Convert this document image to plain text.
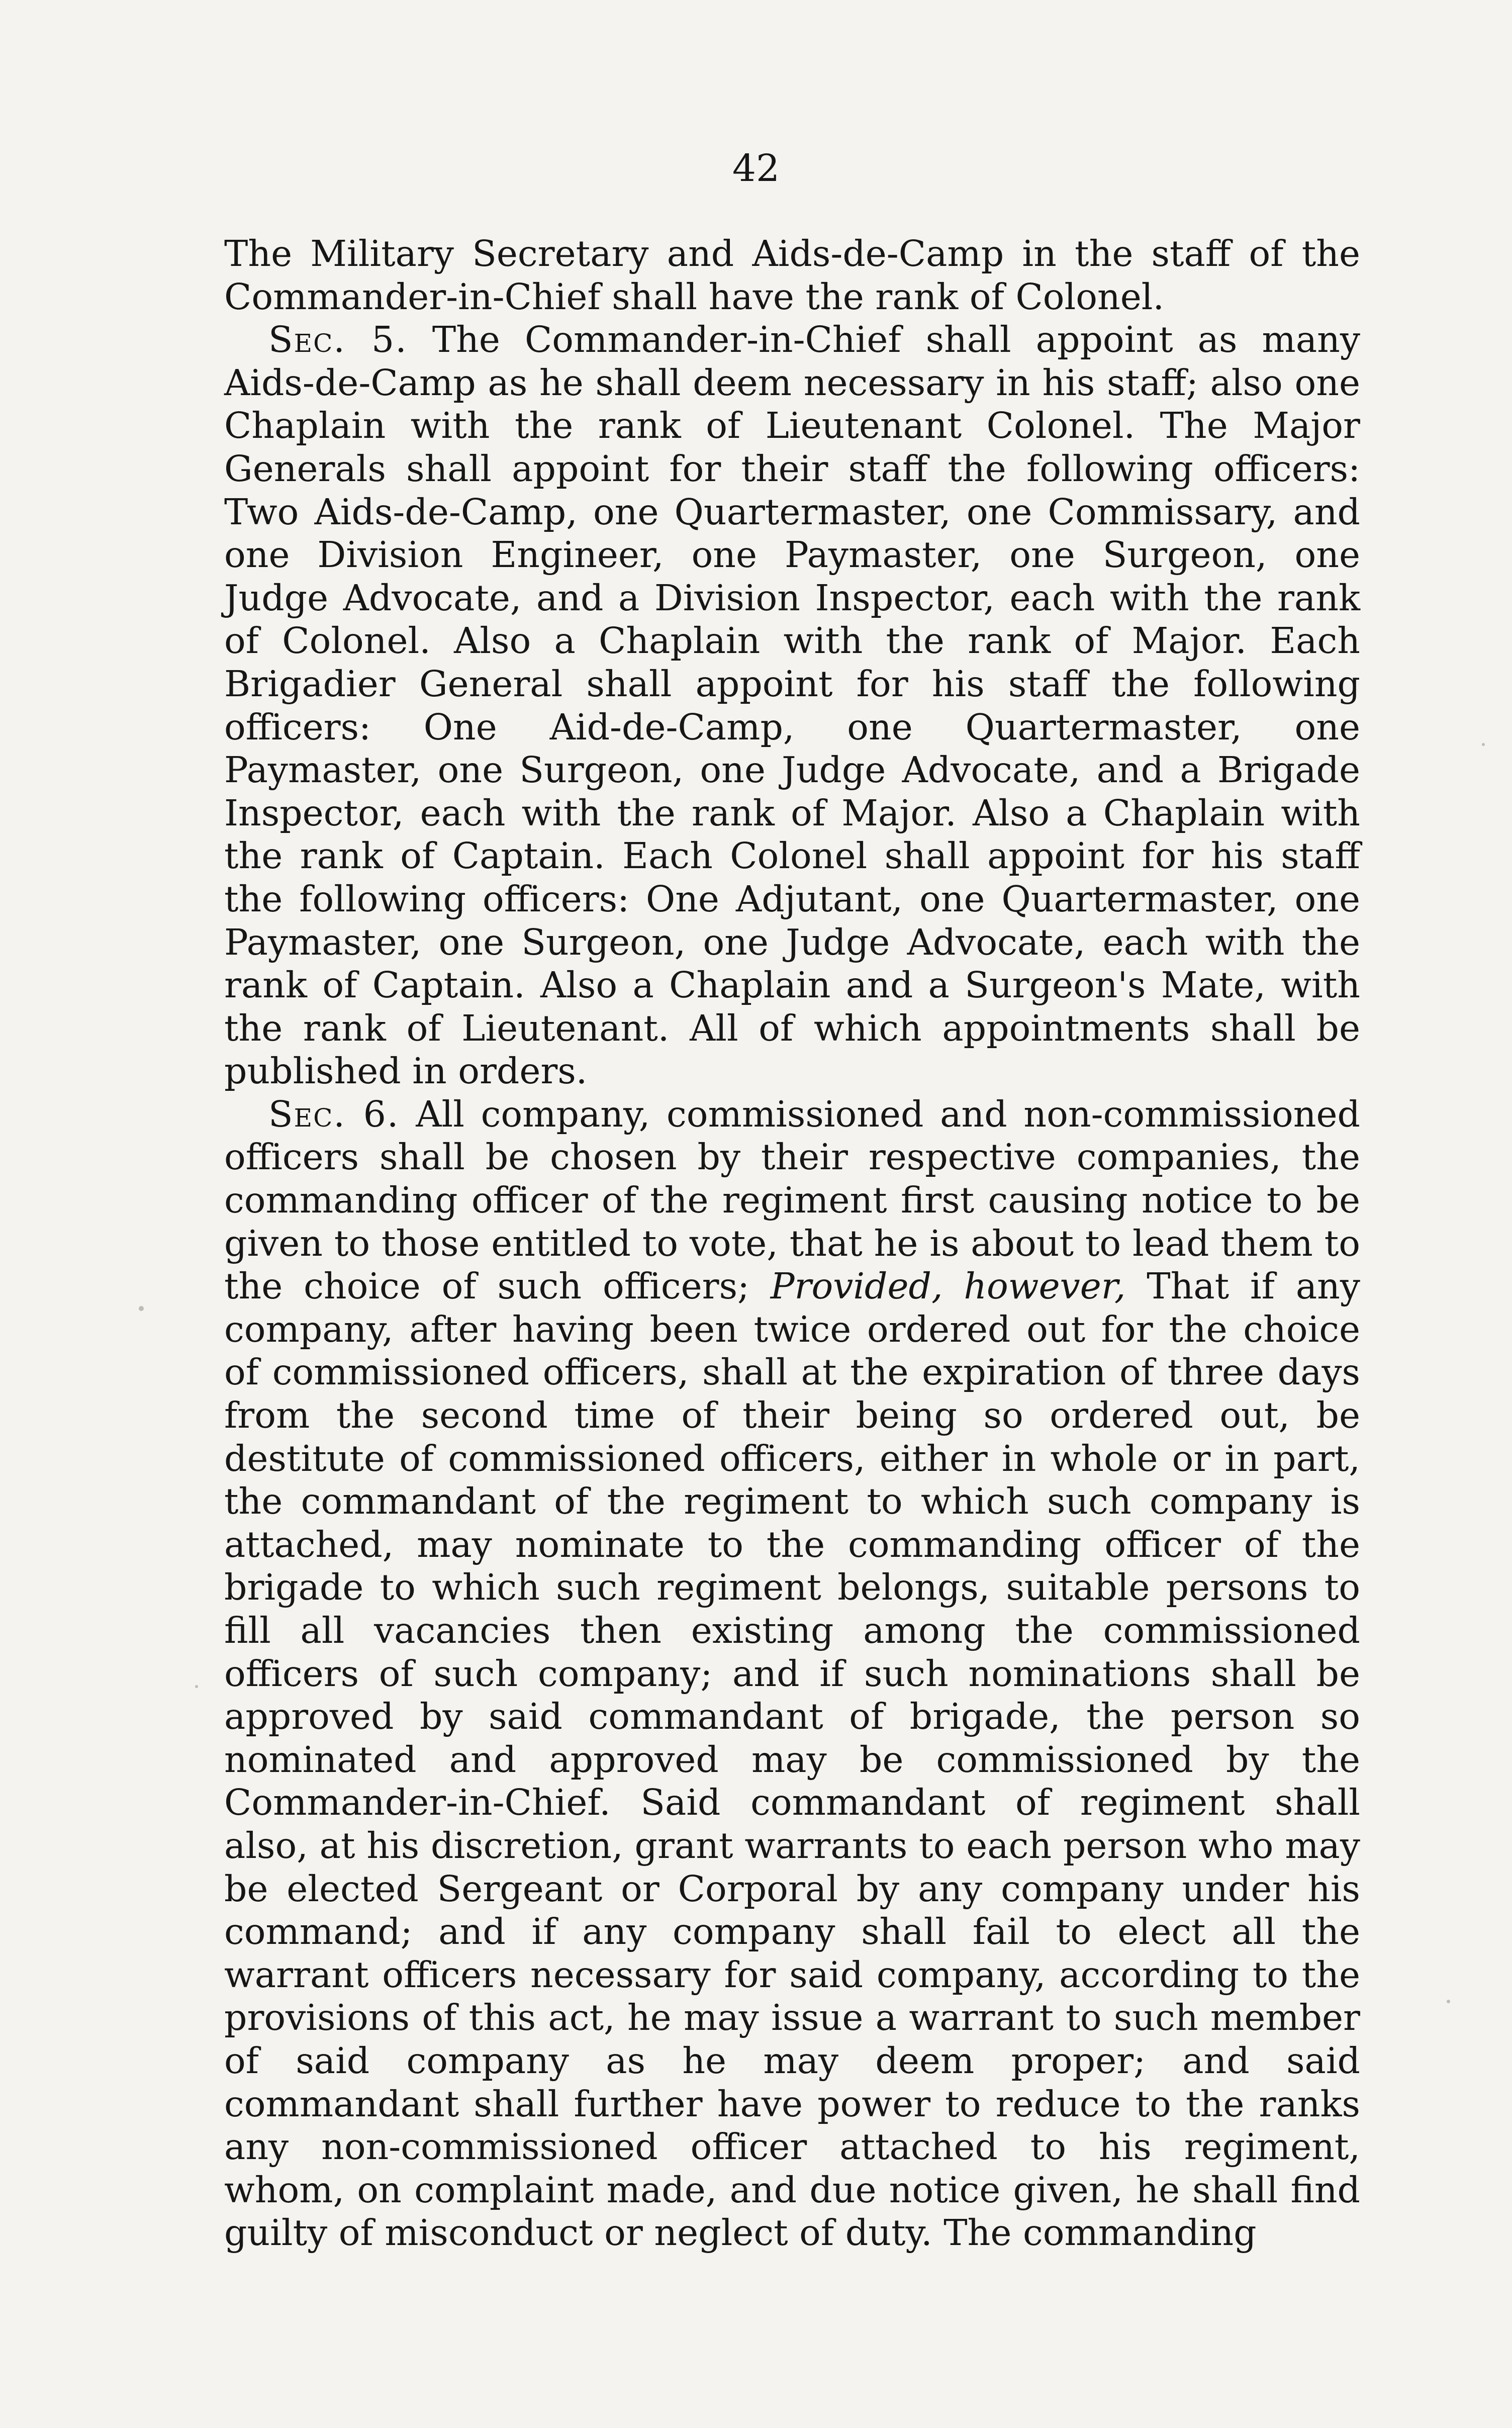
42

The Military Secretary and Aids-de-Camp in the staff of the Commander-in-Chief shall have the rank of Colonel.

Sec. 5. The Commander-in-Chief shall appoint as many Aids-de-Camp as he shall deem necessary in his staff; also one Chaplain with the rank of Lieutenant Colonel. The Major Generals shall appoint for their staff the following officers: Two Aids-de-Camp, one Quartermaster, one Commissary, and one Division Engineer, one Paymaster, one Surgeon, one Judge Advocate, and a Division Inspector, each with the rank of Colonel. Also a Chaplain with the rank of Major. Each Brigadier General shall appoint for his staff the following officers: One Aid-de-Camp, one Quartermaster, one Paymaster, one Surgeon, one Judge Advocate, and a Brigade Inspector, each with the rank of Major. Also a Chaplain with the rank of Captain. Each Colonel shall appoint for his staff the following officers: One Adjutant, one Quartermaster, one Paymaster, one Surgeon, one Judge Advocate, each with the rank of Captain. Also a Chaplain and a Surgeon's Mate, with the rank of Lieutenant. All of which appointments shall be published in orders.

Sec. 6. All company, commissioned and non-commissioned officers shall be chosen by their respective companies, the commanding officer of the regiment first causing notice to be given to those entitled to vote, that he is about to lead them to the choice of such officers; Provided, however, That if any company, after having been twice ordered out for the choice of commissioned officers, shall at the expiration of three days from the second time of their being so ordered out, be destitute of commissioned officers, either in whole or in part, the commandant of the regiment to which such company is attached, may nominate to the commanding officer of the brigade to which such regiment belongs, suitable persons to fill all vacancies then existing among the commissioned officers of such company; and if such nominations shall be approved by said commandant of brigade, the person so nominated and approved may be commissioned by the Commander-in-Chief. Said commandant of regiment shall also, at his discretion, grant warrants to each person who may be elected Sergeant or Corporal by any company under his command; and if any company shall fail to elect all the warrant officers necessary for said company, according to the provisions of this act, he may issue a warrant to such member of said company as he may deem proper; and said commandant shall further have power to reduce to the ranks any non-commissioned officer attached to his regiment, whom, on complaint made, and due notice given, he shall find guilty of misconduct or neglect of duty. The commanding
